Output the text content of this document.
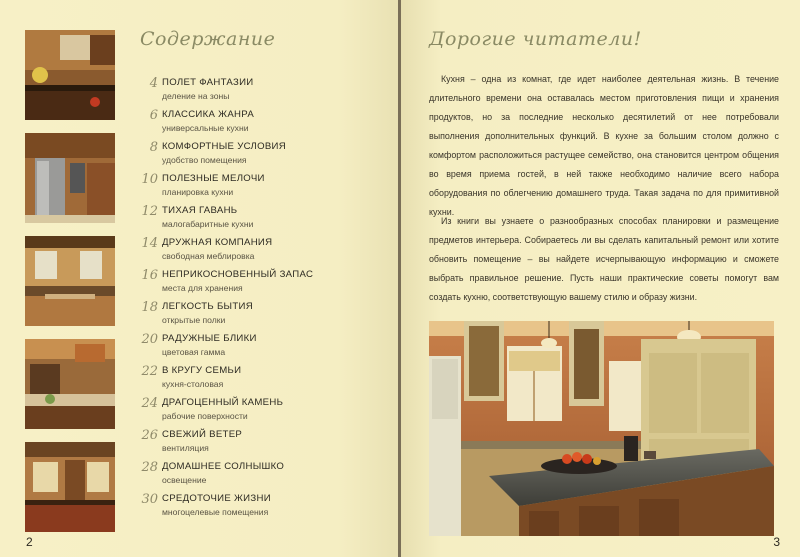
Содержание
4 ПОЛЕТ ФАНТАЗИИ
деление на зоны
6 КЛАССИКА ЖАНРА
универсальные кухни
8 КОМФОРТНЫЕ УСЛОВИЯ
удобство помещения
10 ПОЛЕЗНЫЕ МЕЛОЧИ
планировка кухни
12 ТИХАЯ ГАВАНЬ
малогабаритные кухни
14 ДРУЖНАЯ КОМПАНИЯ
свободная меблировка
16 НЕПРИКОСНОВЕННЫЙ ЗАПАС
места для хранения
18 ЛЕГКОСТЬ БЫТИЯ
открытые полки
20 РАДУЖНЫЕ БЛИКИ
цветовая гамма
22 В КРУГУ СЕМЬИ
кухня-столовая
24 ДРАГОЦЕННЫЙ КАМЕНЬ
рабочие поверхности
26 СВЕЖИЙ ВЕТЕР
вентиляция
28 ДОМАШНЕЕ СОЛНЫШКО
освещение
30 СРЕДОТОЧИЕ ЖИЗНИ
многоцелевые помещения
2
Дорогие читатели!
Кухня – одна из комнат, где идет наиболее деятельная жизнь. В течение длительного времени она оставалась местом приготовления пищи и хранения продуктов, но за последние несколько десятилетий от нее потребовали выполнения дополнительных функций. В кухне за большим столом должно с комфортом расположиться растущее семейство, она становится центром общения во время приема гостей, в ней также необходимо наличие всего набора оборудования по облегчению домашнего труда. Такая задача по для примитивной кухни.
Из книги вы узнаете о разнообразных способах планировки и размещение предметов интерьера. Собираетесь ли вы сделать капитальный ремонт или хотите обновить помещение – вы найдете исчерпывающую информацию и сможете выбрать правильное решение. Пусть наши практические советы помогут вам создать кухню, соответствующую вашему стилю и образу жизни.
3
